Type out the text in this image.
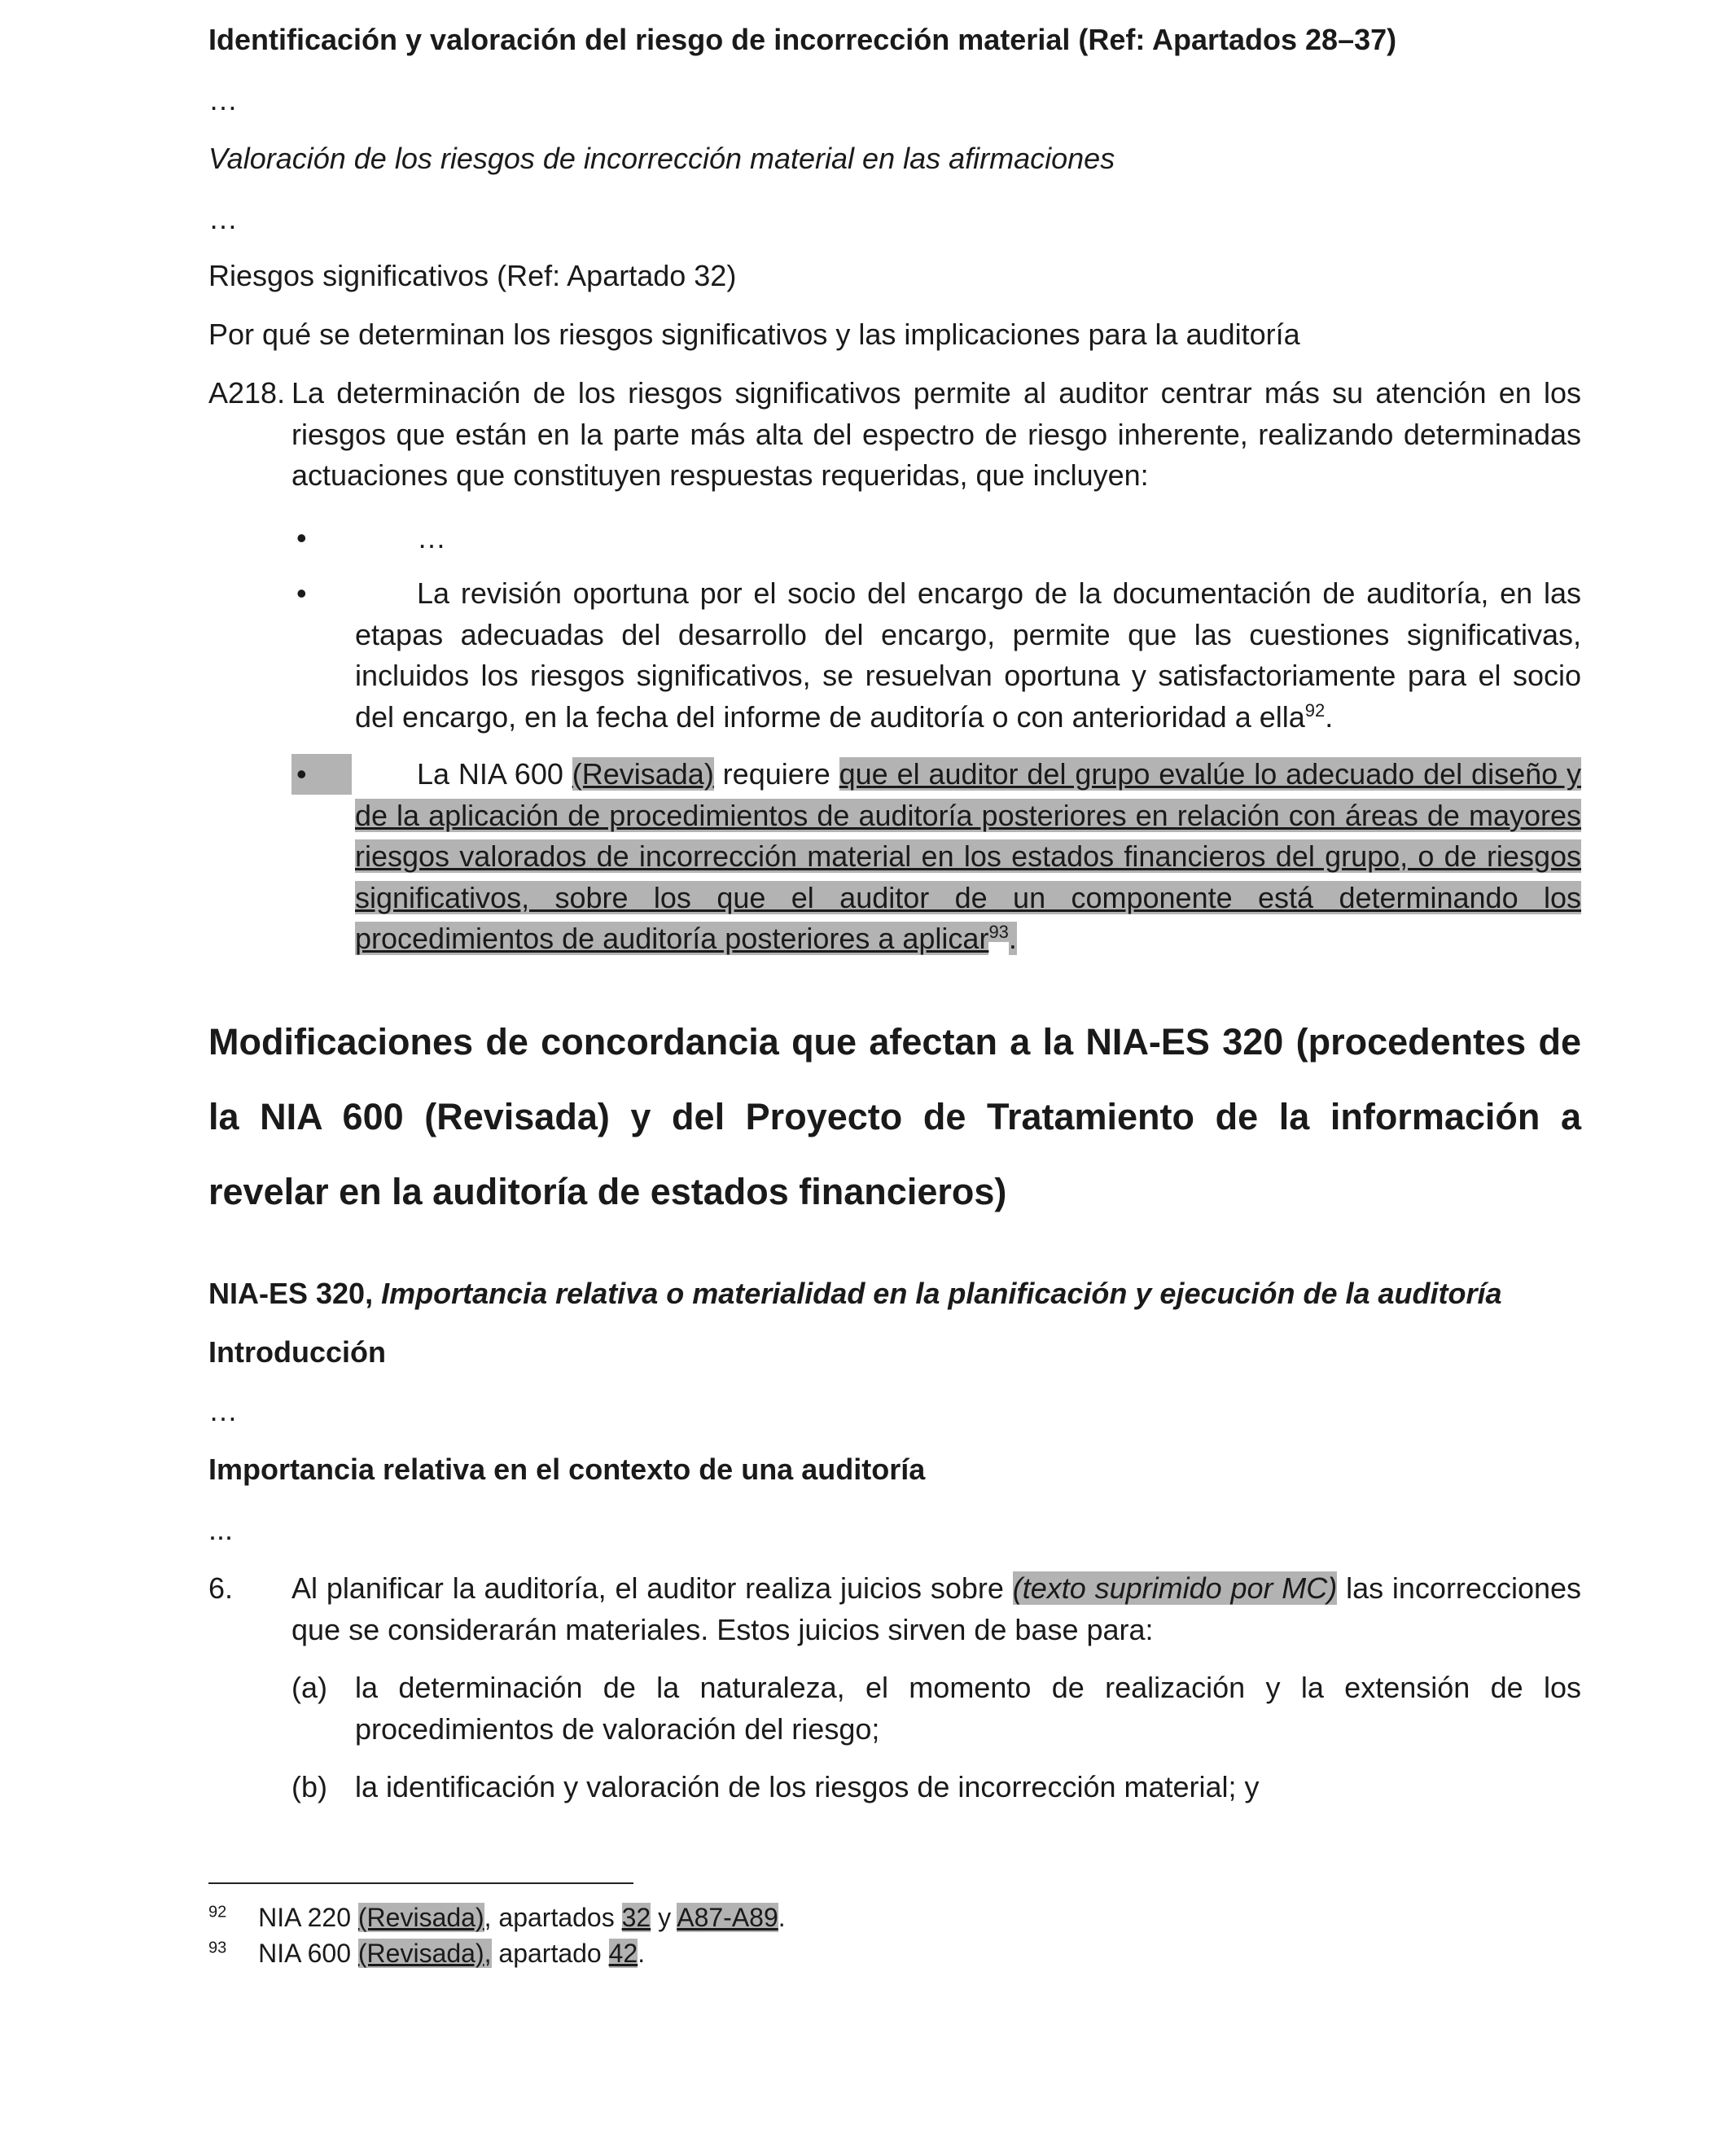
Identificación y valoración del riesgo de incorrección material (Ref: Apartados 28–37)
…
Valoración de los riesgos de incorrección material en las afirmaciones
…
Riesgos significativos (Ref: Apartado 32)
Por qué se determinan los riesgos significativos y las implicaciones para la auditoría
A218. La determinación de los riesgos significativos permite al auditor centrar más su atención en los riesgos que están en la parte más alta del espectro de riesgo inherente, realizando determinadas actuaciones que constituyen respuestas requeridas, que incluyen:
•	…
•	La revisión oportuna por el socio del encargo de la documentación de auditoría, en las etapas adecuadas del desarrollo del encargo, permite que las cuestiones significativas, incluidos los riesgos significativos, se resuelvan oportuna y satisfactoriamente para el socio del encargo, en la fecha del informe de auditoría o con anterioridad a ella$^{92}$.
•	La NIA 600 (Revisada) requiere que el auditor del grupo evalúe lo adecuado del diseño y de la aplicación de procedimientos de auditoría posteriores en relación con áreas de mayores riesgos valorados de incorrección material en los estados financieros del grupo, o de riesgos significativos, sobre los que el auditor de un componente está determinando los procedimientos de auditoría posteriores a aplicar$^{93}$.
Modificaciones de concordancia que afectan a la NIA-ES 320 (procedentes de la NIA 600 (Revisada) y del Proyecto de Tratamiento de la información a revelar en la auditoría de estados financieros)
NIA-ES 320, Importancia relativa o materialidad en la planificación y ejecución de la auditoría
Introducción
…
Importancia relativa en el contexto de una auditoría
...
6. Al planificar la auditoría, el auditor realiza juicios sobre (texto suprimido por MC) las incorrecciones que se considerarán materiales. Estos juicios sirven de base para:
(a) la determinación de la naturaleza, el momento de realización y la extensión de los procedimientos de valoración del riesgo;
(b) la identificación y valoración de los riesgos de incorrección material; y
$^{92}$ NIA 220 (Revisada), apartados 32 y A87-A89.
$^{93}$ NIA 600 (Revisada), apartado 42.
